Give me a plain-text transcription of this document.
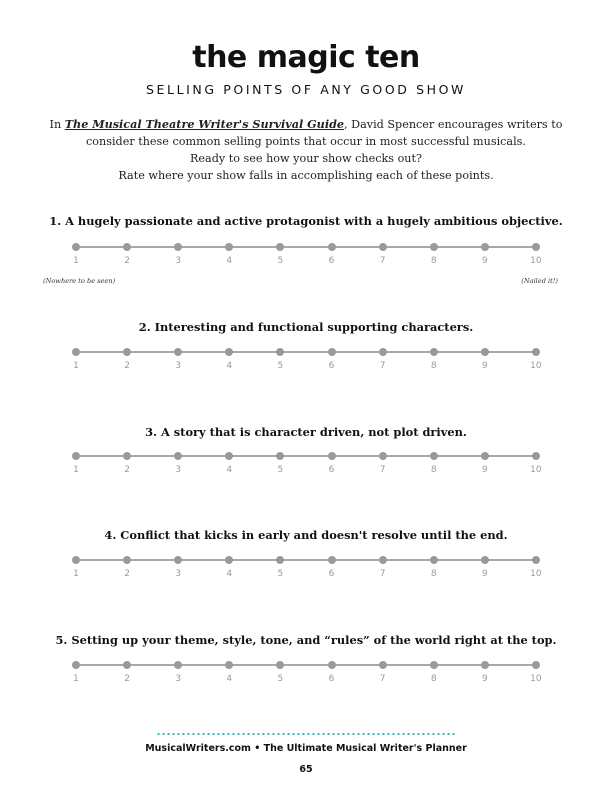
the magic ten
SELLING POINTS OF ANY GOOD SHOW
In The Musical Theatre Writer's Survival Guide, David Spencer encourages writers to
consider these common selling points that occur in most successful musicals.
Ready to see how your show checks out?
Rate where your show falls in accomplishing each of these points.
1. A hugely passionate and active protagonist with a hugely ambitious objective.
1	2	3	4	5	6	7	8	9	10
(Nowhere to be seen)	(Nailed it!)
2. Interesting and functional supporting characters.
1	2	3	4	5	6	7	8	9	10
3. A story that is character driven, not plot driven.
1	2	3	4	5	6	7	8	9	10
4. Conflict that kicks in early and doesn't resolve until the end.
1	2	3	4	5	6	7	8	9	10
5. Setting up your theme, style, tone, and “rules” of the world right at the top.
1	2	3	4	5	6	7	8	9	10
MusicalWriters.com • The Ultimate Musical Writer's Planner
65
